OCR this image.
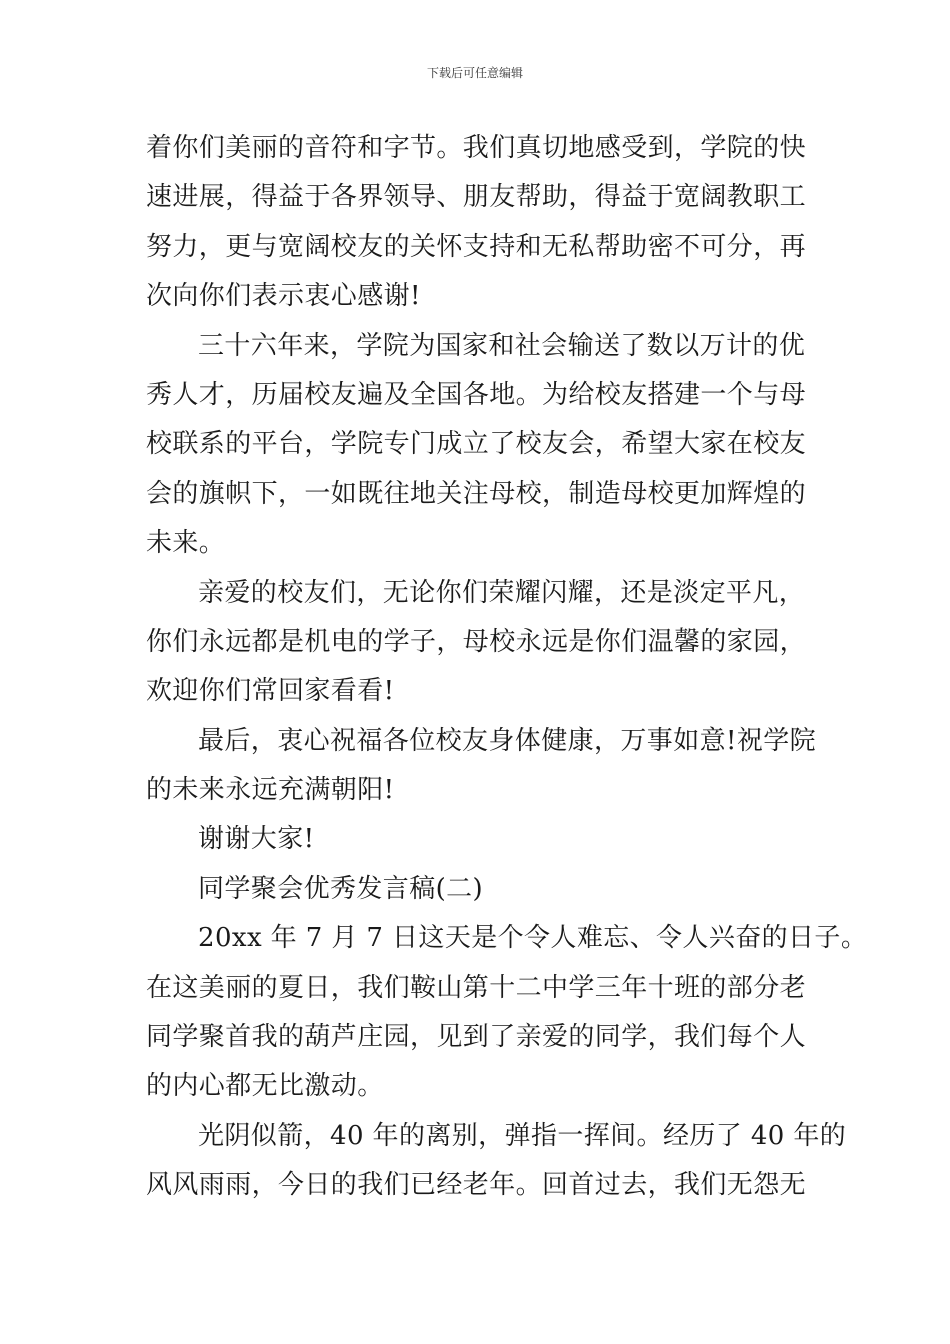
下载后可任意编辑
着你们美丽的音符和字节。我们真切地感受到，学院的快
速进展，得益于各界领导、朋友帮助，得益于宽阔教职工
努力，更与宽阔校友的关怀支持和无私帮助密不可分，再
次向你们表示衷心感谢!
三十六年来，学院为国家和社会输送了数以万计的优
秀人才，历届校友遍及全国各地。为给校友搭建一个与母
校联系的平台，学院专门成立了校友会，希望大家在校友
会的旗帜下，一如既往地关注母校，制造母校更加辉煌的
未来。
亲爱的校友们，无论你们荣耀闪耀，还是淡定平凡，
你们永远都是机电的学子，母校永远是你们温馨的家园，
欢迎你们常回家看看!
最后，衷心祝福各位校友身体健康，万事如意!祝学院
的未来永远充满朝阳!
谢谢大家!
同学聚会优秀发言稿(二)
20xx 年 7 月 7 日这天是个令人难忘、令人兴奋的日子。
在这美丽的夏日，我们鞍山第十二中学三年十班的部分老
同学聚首我的葫芦庄园，见到了亲爱的同学，我们每个人
的内心都无比激动。
光阴似箭，40 年的离别，弹指一挥间。经历了 40 年的
风风雨雨，今日的我们已经老年。回首过去，我们无怨无
